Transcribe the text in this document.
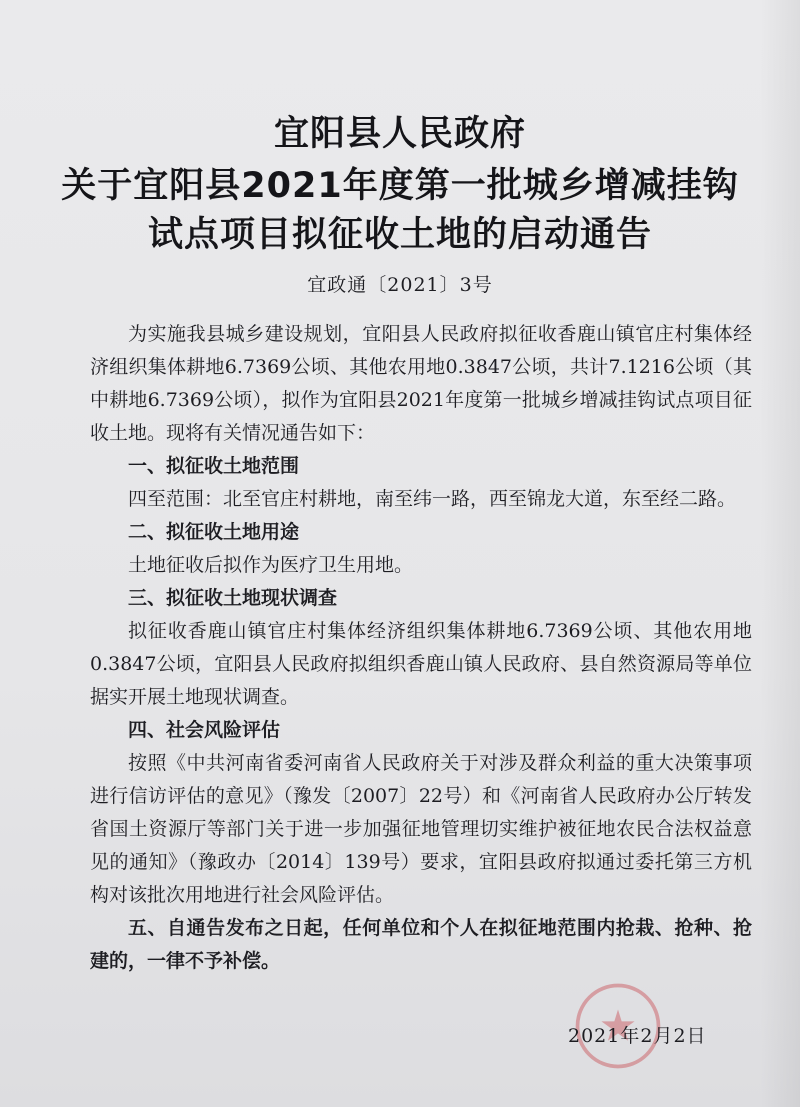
宜阳县人民政府
关于宜阳县2021年度第一批城乡增减挂钩
试点项目拟征收土地的启动通告
宜政通〔2021〕3号

为实施我县城乡建设规划，宜阳县人民政府拟征收香鹿山镇官庄村集体经济组织集体耕地6.7369公顷、其他农用地0.3847公顷，共计7.1216公顷（其中耕地6.7369公顷），拟作为宜阳县2021年度第一批城乡增减挂钩试点项目征收土地。现将有关情况通告如下：

一、拟征收土地范围

四至范围：北至官庄村耕地，南至纬一路，西至锦龙大道，东至经二路。

二、拟征收土地用途

土地征收后拟作为医疗卫生用地。

三、拟征收土地现状调查

拟征收香鹿山镇官庄村集体经济组织集体耕地6.7369公顷、其他农用地0.3847公顷，宜阳县人民政府拟组织香鹿山镇人民政府、县自然资源局等单位据实开展土地现状调查。

四、社会风险评估

按照《中共河南省委河南省人民政府关于对涉及群众利益的重大决策事项进行信访评估的意见》（豫发〔2007〕22号）和《河南省人民政府办公厅转发省国土资源厅等部门关于进一步加强征地管理切实维护被征地农民合法权益意见的通知》（豫政办〔2014〕139号）要求，宜阳县政府拟通过委托第三方机构对该批次用地进行社会风险评估。

五、自通告发布之日起，任何单位和个人在拟征地范围内抢栽、抢种、抢建的，一律不予补偿。

2021年2月2日
